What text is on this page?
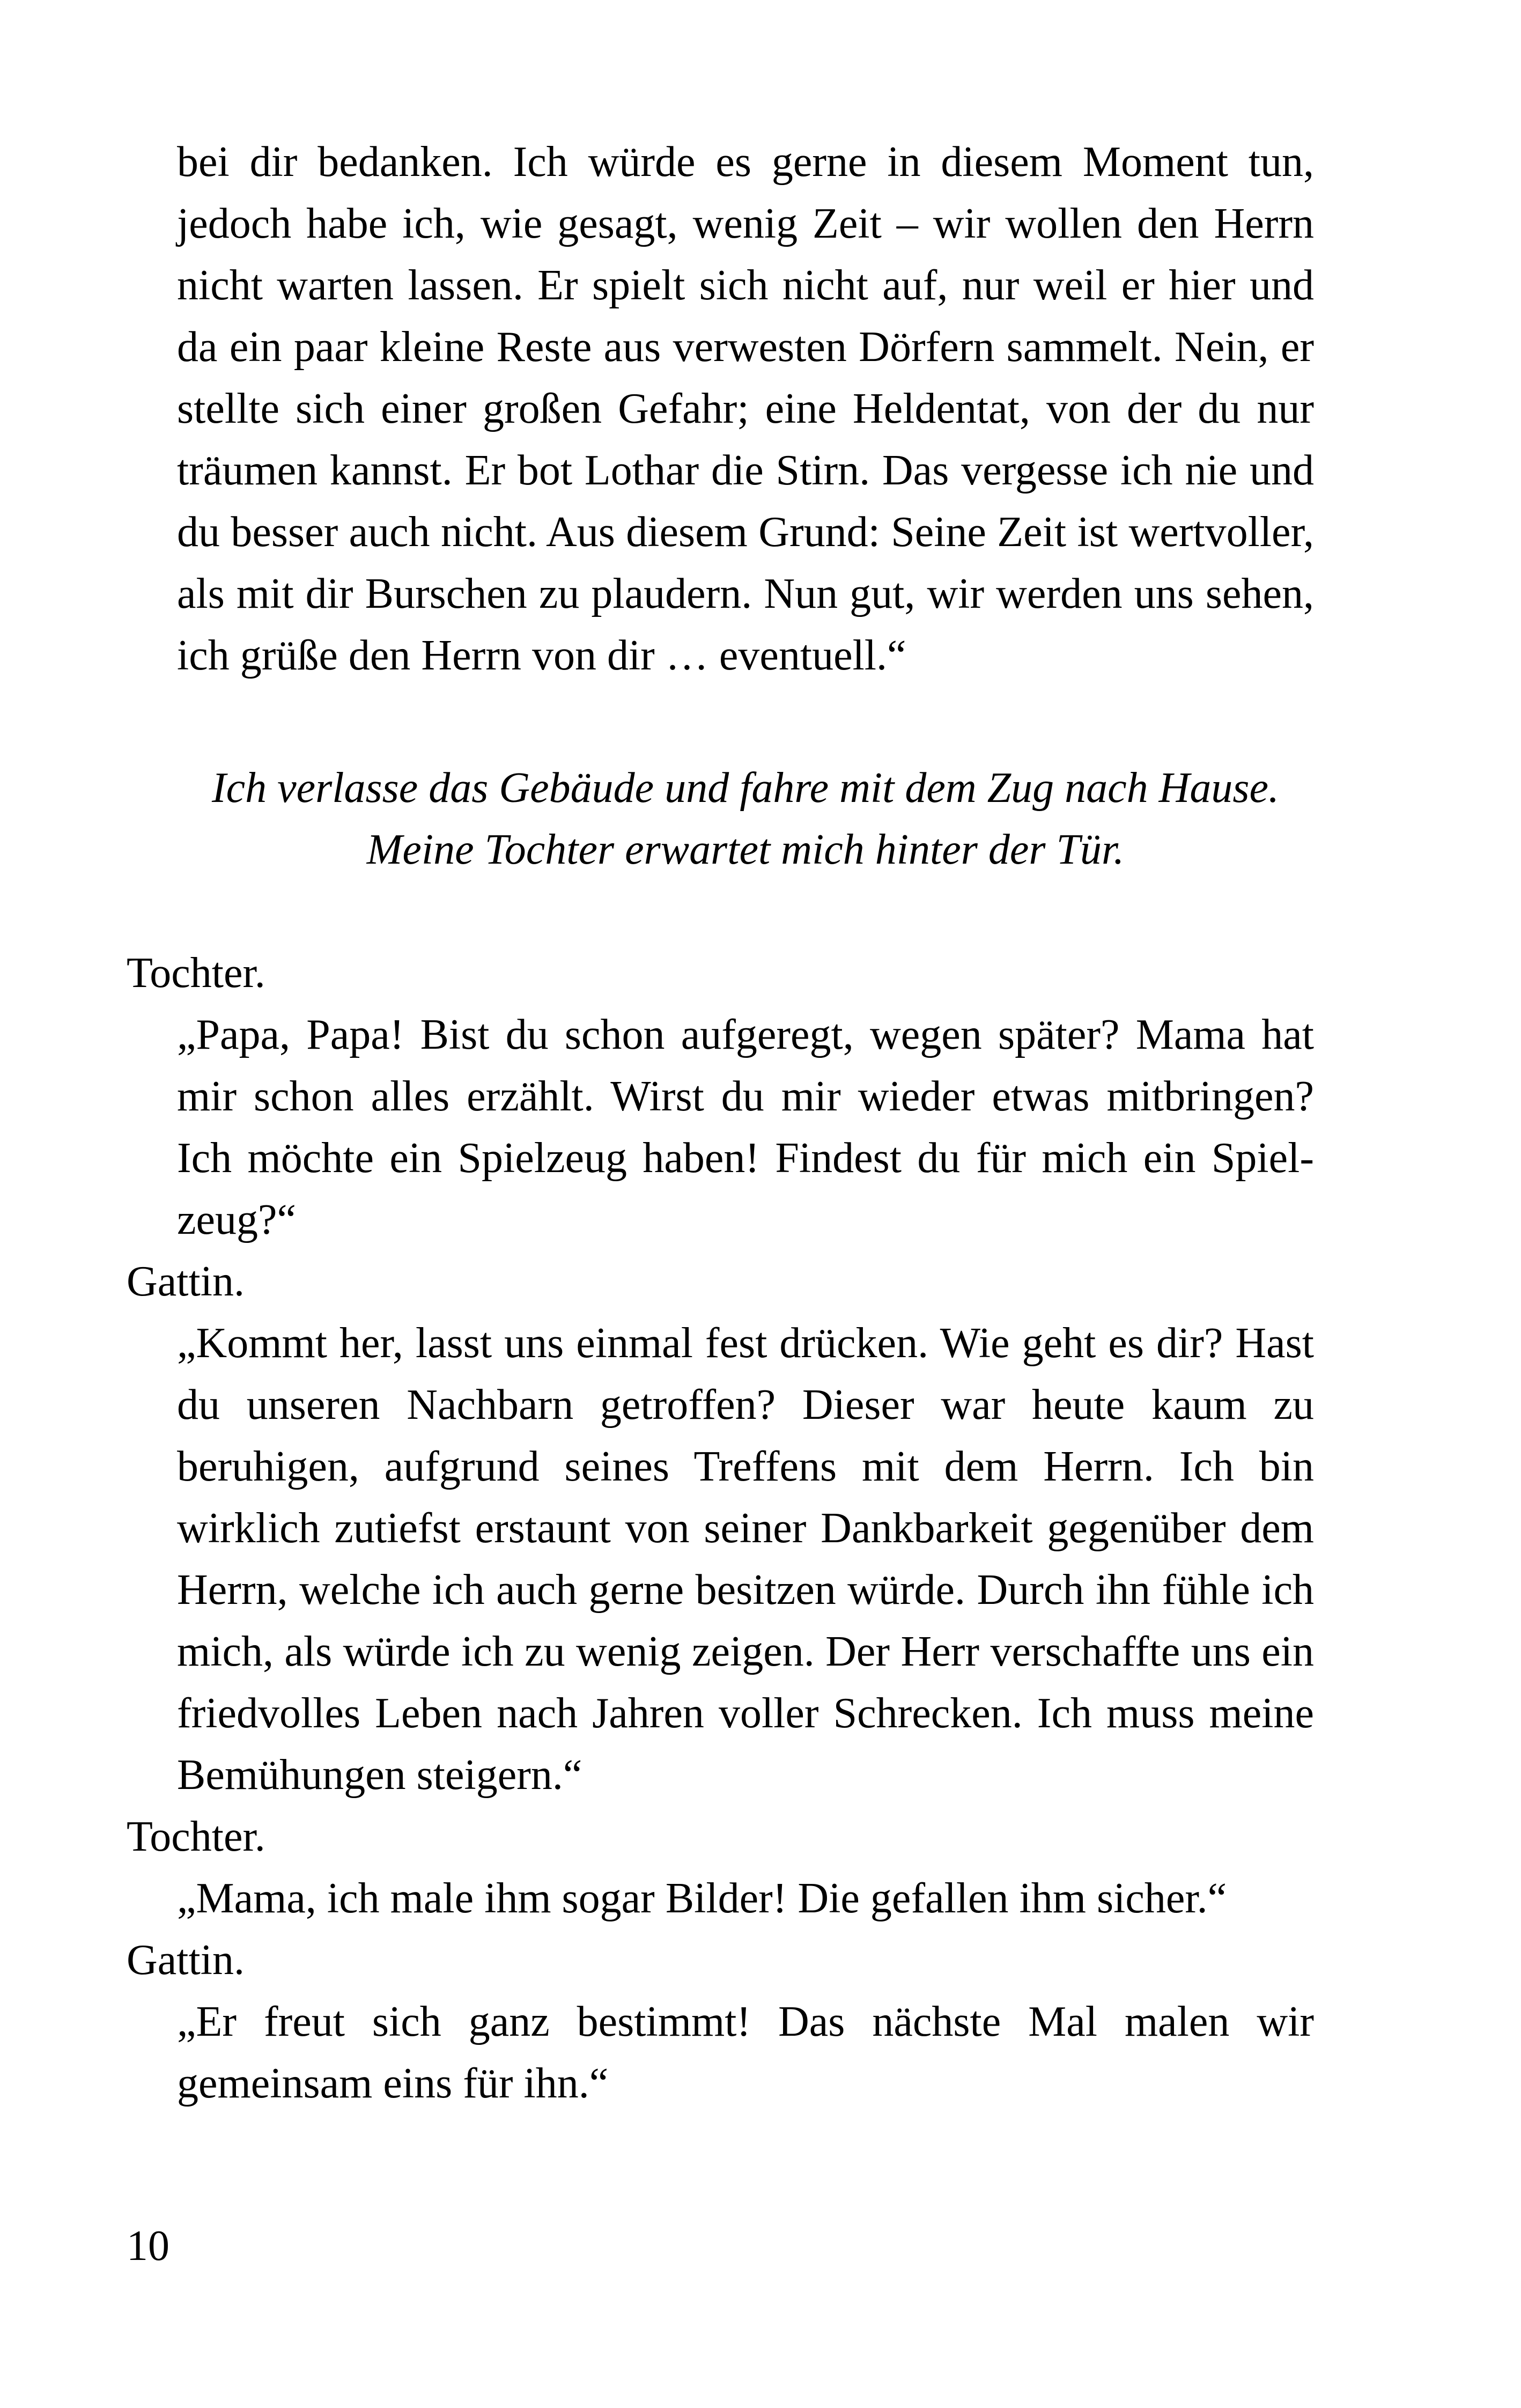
bei dir bedanken. Ich würde es gerne in diesem Moment tun, jedoch habe ich, wie gesagt, wenig Zeit – wir wollen den Herrn nicht warten lassen. Er spielt sich nicht auf, nur weil er hier und da ein paar kleine Reste aus verwesten Dörfern sammelt. Nein, er stellte sich einer großen Gefahr; eine Heldentat, von der du nur träumen kannst. Er bot Lothar die Stirn. Das vergesse ich nie und du besser auch nicht. Aus diesem Grund: Seine Zeit ist wertvoller, als mit dir Burschen zu plaudern. Nun gut, wir werden uns sehen, ich grüße den Herrn von dir … eventuell.“

Ich verlasse das Gebäude und fahre mit dem Zug nach Hause.

Meine Tochter erwartet mich hinter der Tür.

Tochter.

„Papa, Papa! Bist du schon aufgeregt, wegen später? Mama hat mir schon alles erzählt. Wirst du mir wieder etwas mitbringen? Ich möchte ein Spielzeug haben! Findest du für mich ein Spielzeug?“

Gattin.

„Kommt her, lasst uns einmal fest drücken. Wie geht es dir? Hast du unseren Nachbarn getroffen? Dieser war heute kaum zu beruhigen, aufgrund seines Treffens mit dem Herrn. Ich bin wirklich zutiefst erstaunt von seiner Dankbarkeit gegenüber dem Herrn, welche ich auch gerne besitzen würde. Durch ihn fühle ich mich, als würde ich zu wenig zeigen. Der Herr verschaffte uns ein friedvolles Leben nach Jahren voller Schrecken. Ich muss meine Bemühungen steigern.“

Tochter.

„Mama, ich male ihm sogar Bilder! Die gefallen ihm sicher.“

Gattin.

„Er freut sich ganz bestimmt! Das nächste Mal malen wir gemeinsam eins für ihn.“

10
